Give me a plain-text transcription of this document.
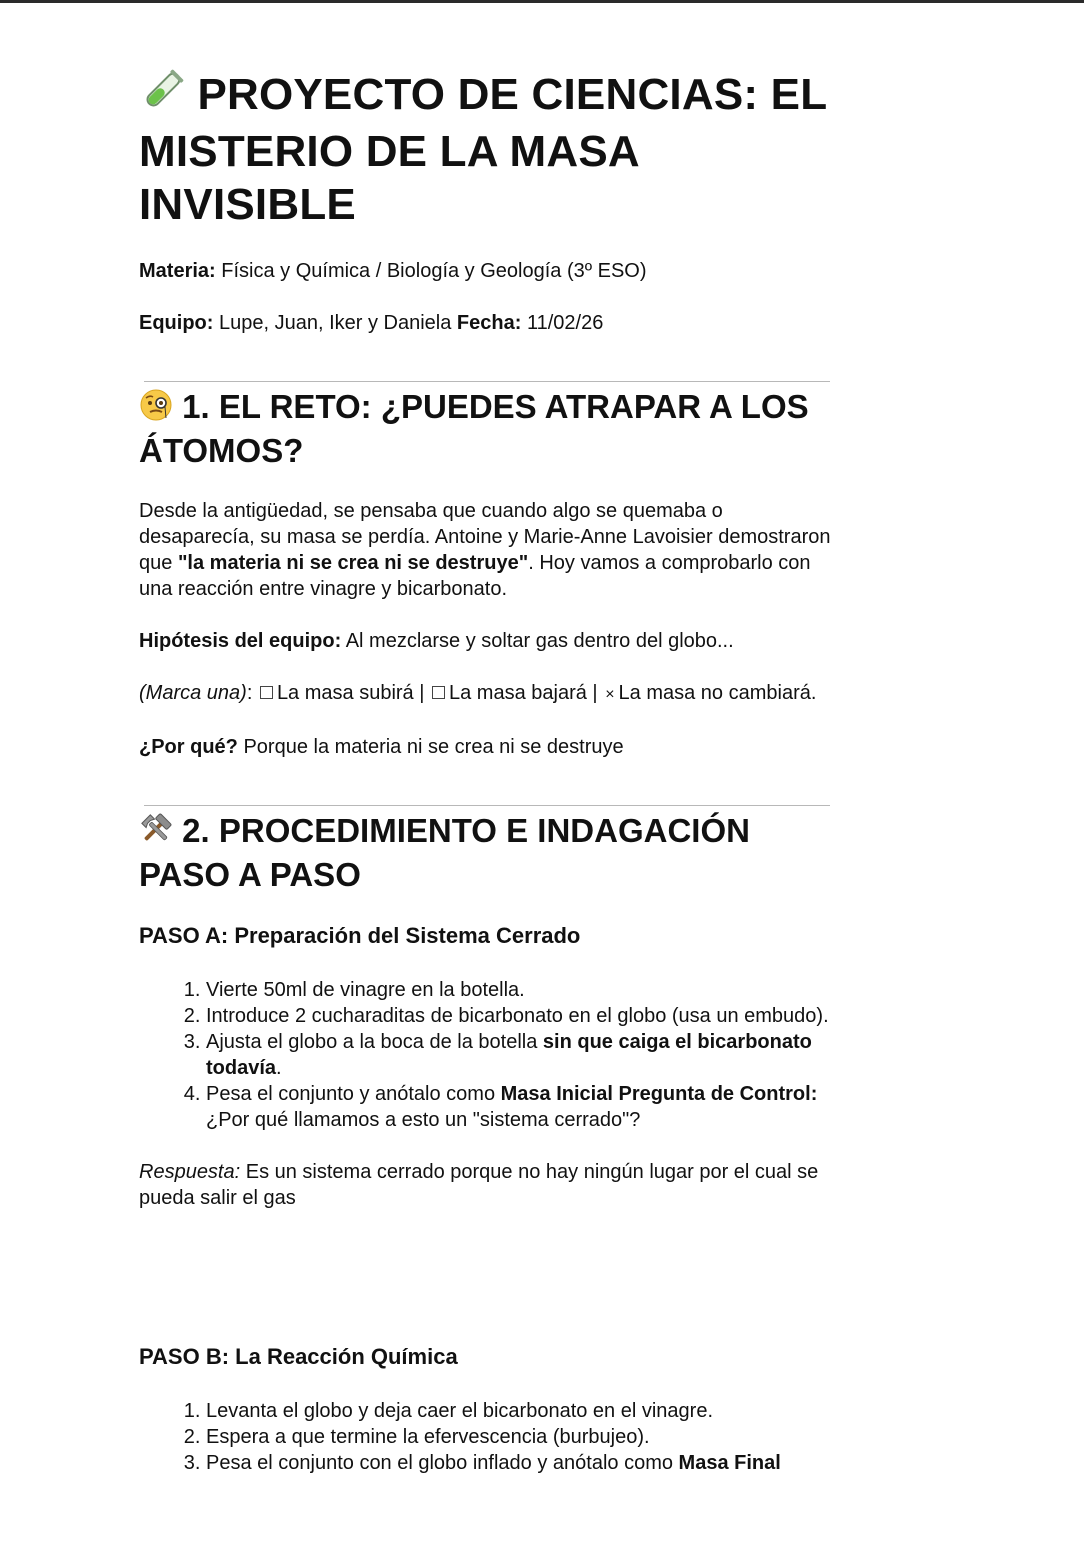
PROYECTO DE CIENCIAS: EL MISTERIO DE LA MASA INVISIBLE

Materia: Física y Química / Biología y Geología (3º ESO)

Equipo: Lupe, Juan, Iker y Daniela Fecha: 11/02/26

1. EL RETO: ¿PUEDES ATRAPAR A LOS ÁTOMOS?

Desde la antigüedad, se pensaba que cuando algo se quemaba o desaparecía, su masa se perdía. Antoine y Marie-Anne Lavoisier demostraron que "la materia ni se crea ni se destruye". Hoy vamos a comprobarlo con una reacción entre vinagre y bicarbonato.

Hipótesis del equipo: Al mezclarse y soltar gas dentro del globo...

(Marca una): La masa subirá | La masa bajará | × La masa no cambiará.

¿Por qué? Porque la materia ni se crea ni se destruye

2. PROCEDIMIENTO E INDAGACIÓN PASO A PASO
PASO A: Preparación del Sistema Cerrado
1. Vierte 50ml de vinagre en la botella.
2. Introduce 2 cucharaditas de bicarbonato en el globo (usa un embudo).
3. Ajusta el globo a la boca de la botella sin que caiga el bicarbonato todavía.
4. Pesa el conjunto y anótalo como Masa Inicial Pregunta de Control: ¿Por qué llamamos a esto un "sistema cerrado"?

Respuesta: Es un sistema cerrado porque no hay ningún lugar por el cual se pueda salir el gas

PASO B: La Reacción Química
1. Levanta el globo y deja caer el bicarbonato en el vinagre.
2. Espera a que termine la efervescencia (burbujeo).
3. Pesa el conjunto con el globo inflado y anótalo como Masa Final
